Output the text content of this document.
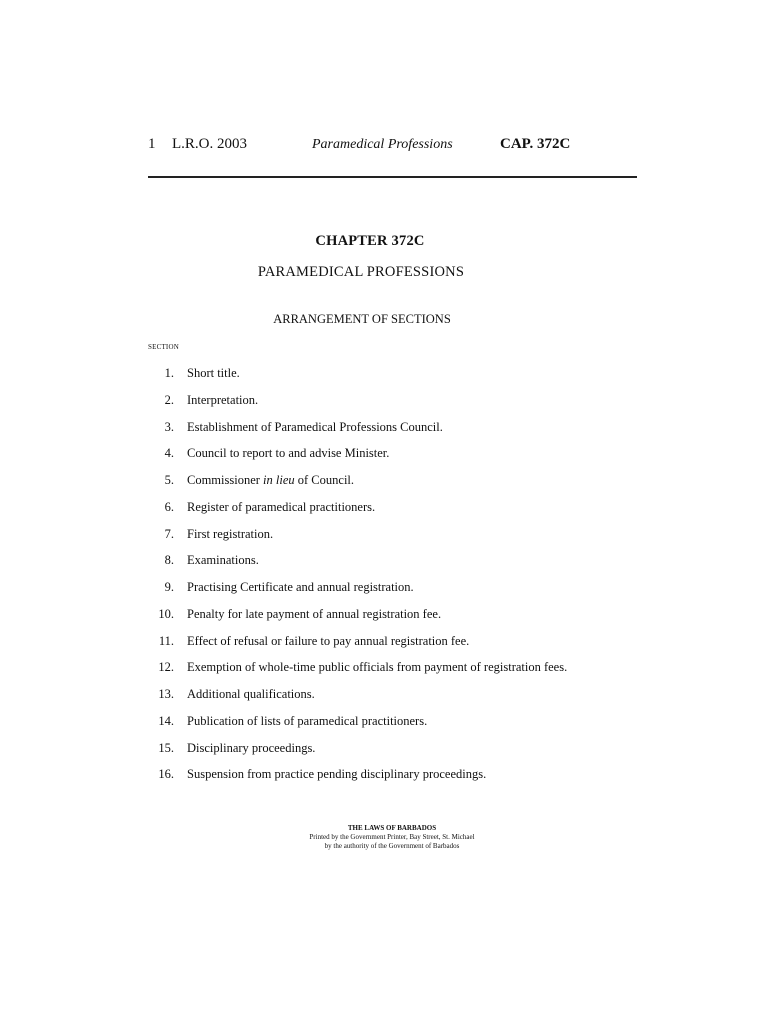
1 L.R.O. 2003	Paramedical Professions	CAP. 372C
CHAPTER 372C
PARAMEDICAL PROFESSIONS
ARRANGEMENT OF SECTIONS
SECTION
1. Short title.
2. Interpretation.
3. Establishment of Paramedical Professions Council.
4. Council to report to and advise Minister.
5. Commissioner in lieu of Council.
6. Register of paramedical practitioners.
7. First registration.
8. Examinations.
9. Practising Certificate and annual registration.
10. Penalty for late payment of annual registration fee.
11. Effect of refusal or failure to pay annual registration fee.
12. Exemption of whole-time public officials from payment of registration fees.
13. Additional qualifications.
14. Publication of lists of paramedical practitioners.
15. Disciplinary proceedings.
16. Suspension from practice pending disciplinary proceedings.
THE LAWS OF BARBADOS
Printed by the Government Printer, Bay Street, St. Michael
by the authority of the Government of Barbados
